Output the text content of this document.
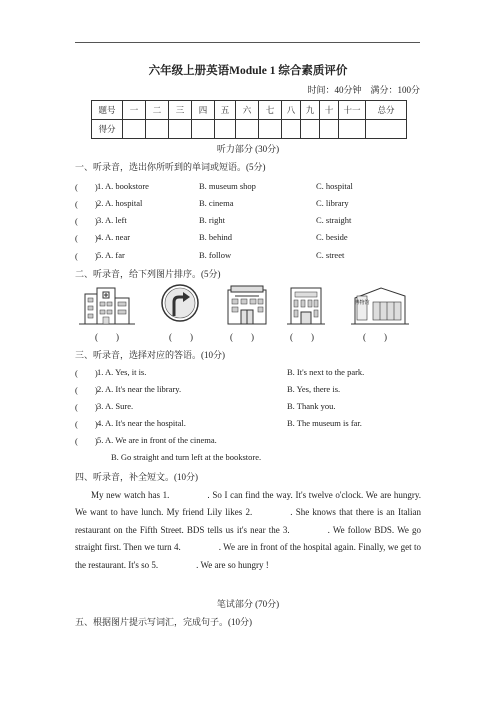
六年级上册英语Module 1 综合素质评价
时间：40分钟　满分：100分
题号	一	二	三	四	五	六	七	八	九	十	十一	总分
得分												
听力部分 (30分)
一、听录音，选出你所听到的单词或短语。(5分)
(　　) 1. A. bookstore	B. museum shop	C. hospital
(　　) 2. A. hospital	B. cinema	C. library
(　　) 3. A. left	B. right	C. straight
(　　) 4. A. near	B. behind	C. beside
(　　) 5. A. far	B. follow	C. street
二、听录音，给下列图片排序。(5分)
博物馆
(　　)	(　　)	(　　)	(　　)	(　　)
三、听录音，选择对应的答语。(10分)
(　　) 1. A. Yes, it is.	B. It's next to the park.
(　　) 2. A. It's near the library.	B. Yes, there is.
(　　) 3. A. Sure.	B. Thank you.
(　　) 4. A. It's near the hospital.	B. The museum is far.
(　　) 5. A. We are in front of the cinema.
B. Go straight and turn left at the bookstore.
四、听录音，补全短文。(10分)
My new watch has 1.	. So I can find the way. It's twelve o'clock. We are hungry. We want to have lunch. My friend Lily likes 2.	. She knows that there is an Italian restaurant on the Fifth Street. BDS tells us it's near the 3.	. We follow BDS. We go straight first. Then we turn 4.	. We are in front of the hospital again. Finally, we get to the restaurant. It's so 5.	. We are so hungry !
笔试部分 (70分)
五、根据图片提示写词汇，完成句子。(10分)
